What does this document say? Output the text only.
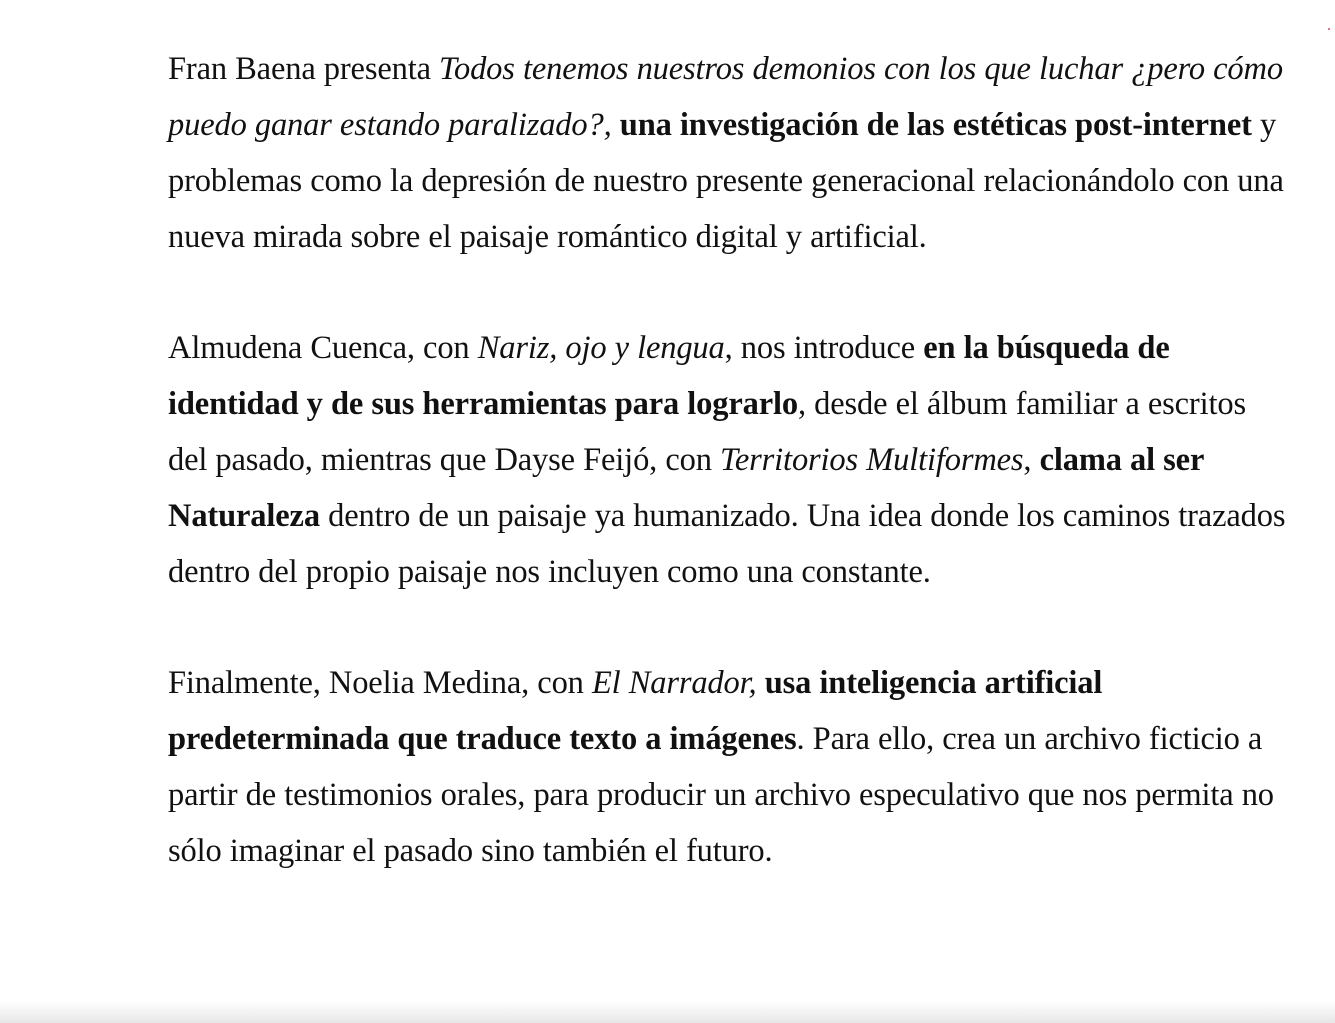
Fran Baena presenta Todos tenemos nuestros demonios con los que luchar ¿pero cómo puedo ganar estando paralizado?, una investigación de las estéticas post-internet y problemas como la depresión de nuestro presente generacional relacionándolo con una nueva mirada sobre el paisaje romántico digital y artificial.

Almudena Cuenca, con Nariz, ojo y lengua, nos introduce en la búsqueda de identidad y de sus herramientas para lograrlo, desde el álbum familiar a escritos del pasado, mientras que Dayse Feijó, con Territorios Multiformes, clama al ser Naturaleza dentro de un paisaje ya humanizado. Una idea donde los caminos trazados dentro del propio paisaje nos incluyen como una constante.

Finalmente, Noelia Medina, con El Narrador, usa inteligencia artificial predeterminada que traduce texto a imágenes. Para ello, crea un archivo ficticio a partir de testimonios orales, para producir un archivo especulativo que nos permita no sólo imaginar el pasado sino también el futuro.
